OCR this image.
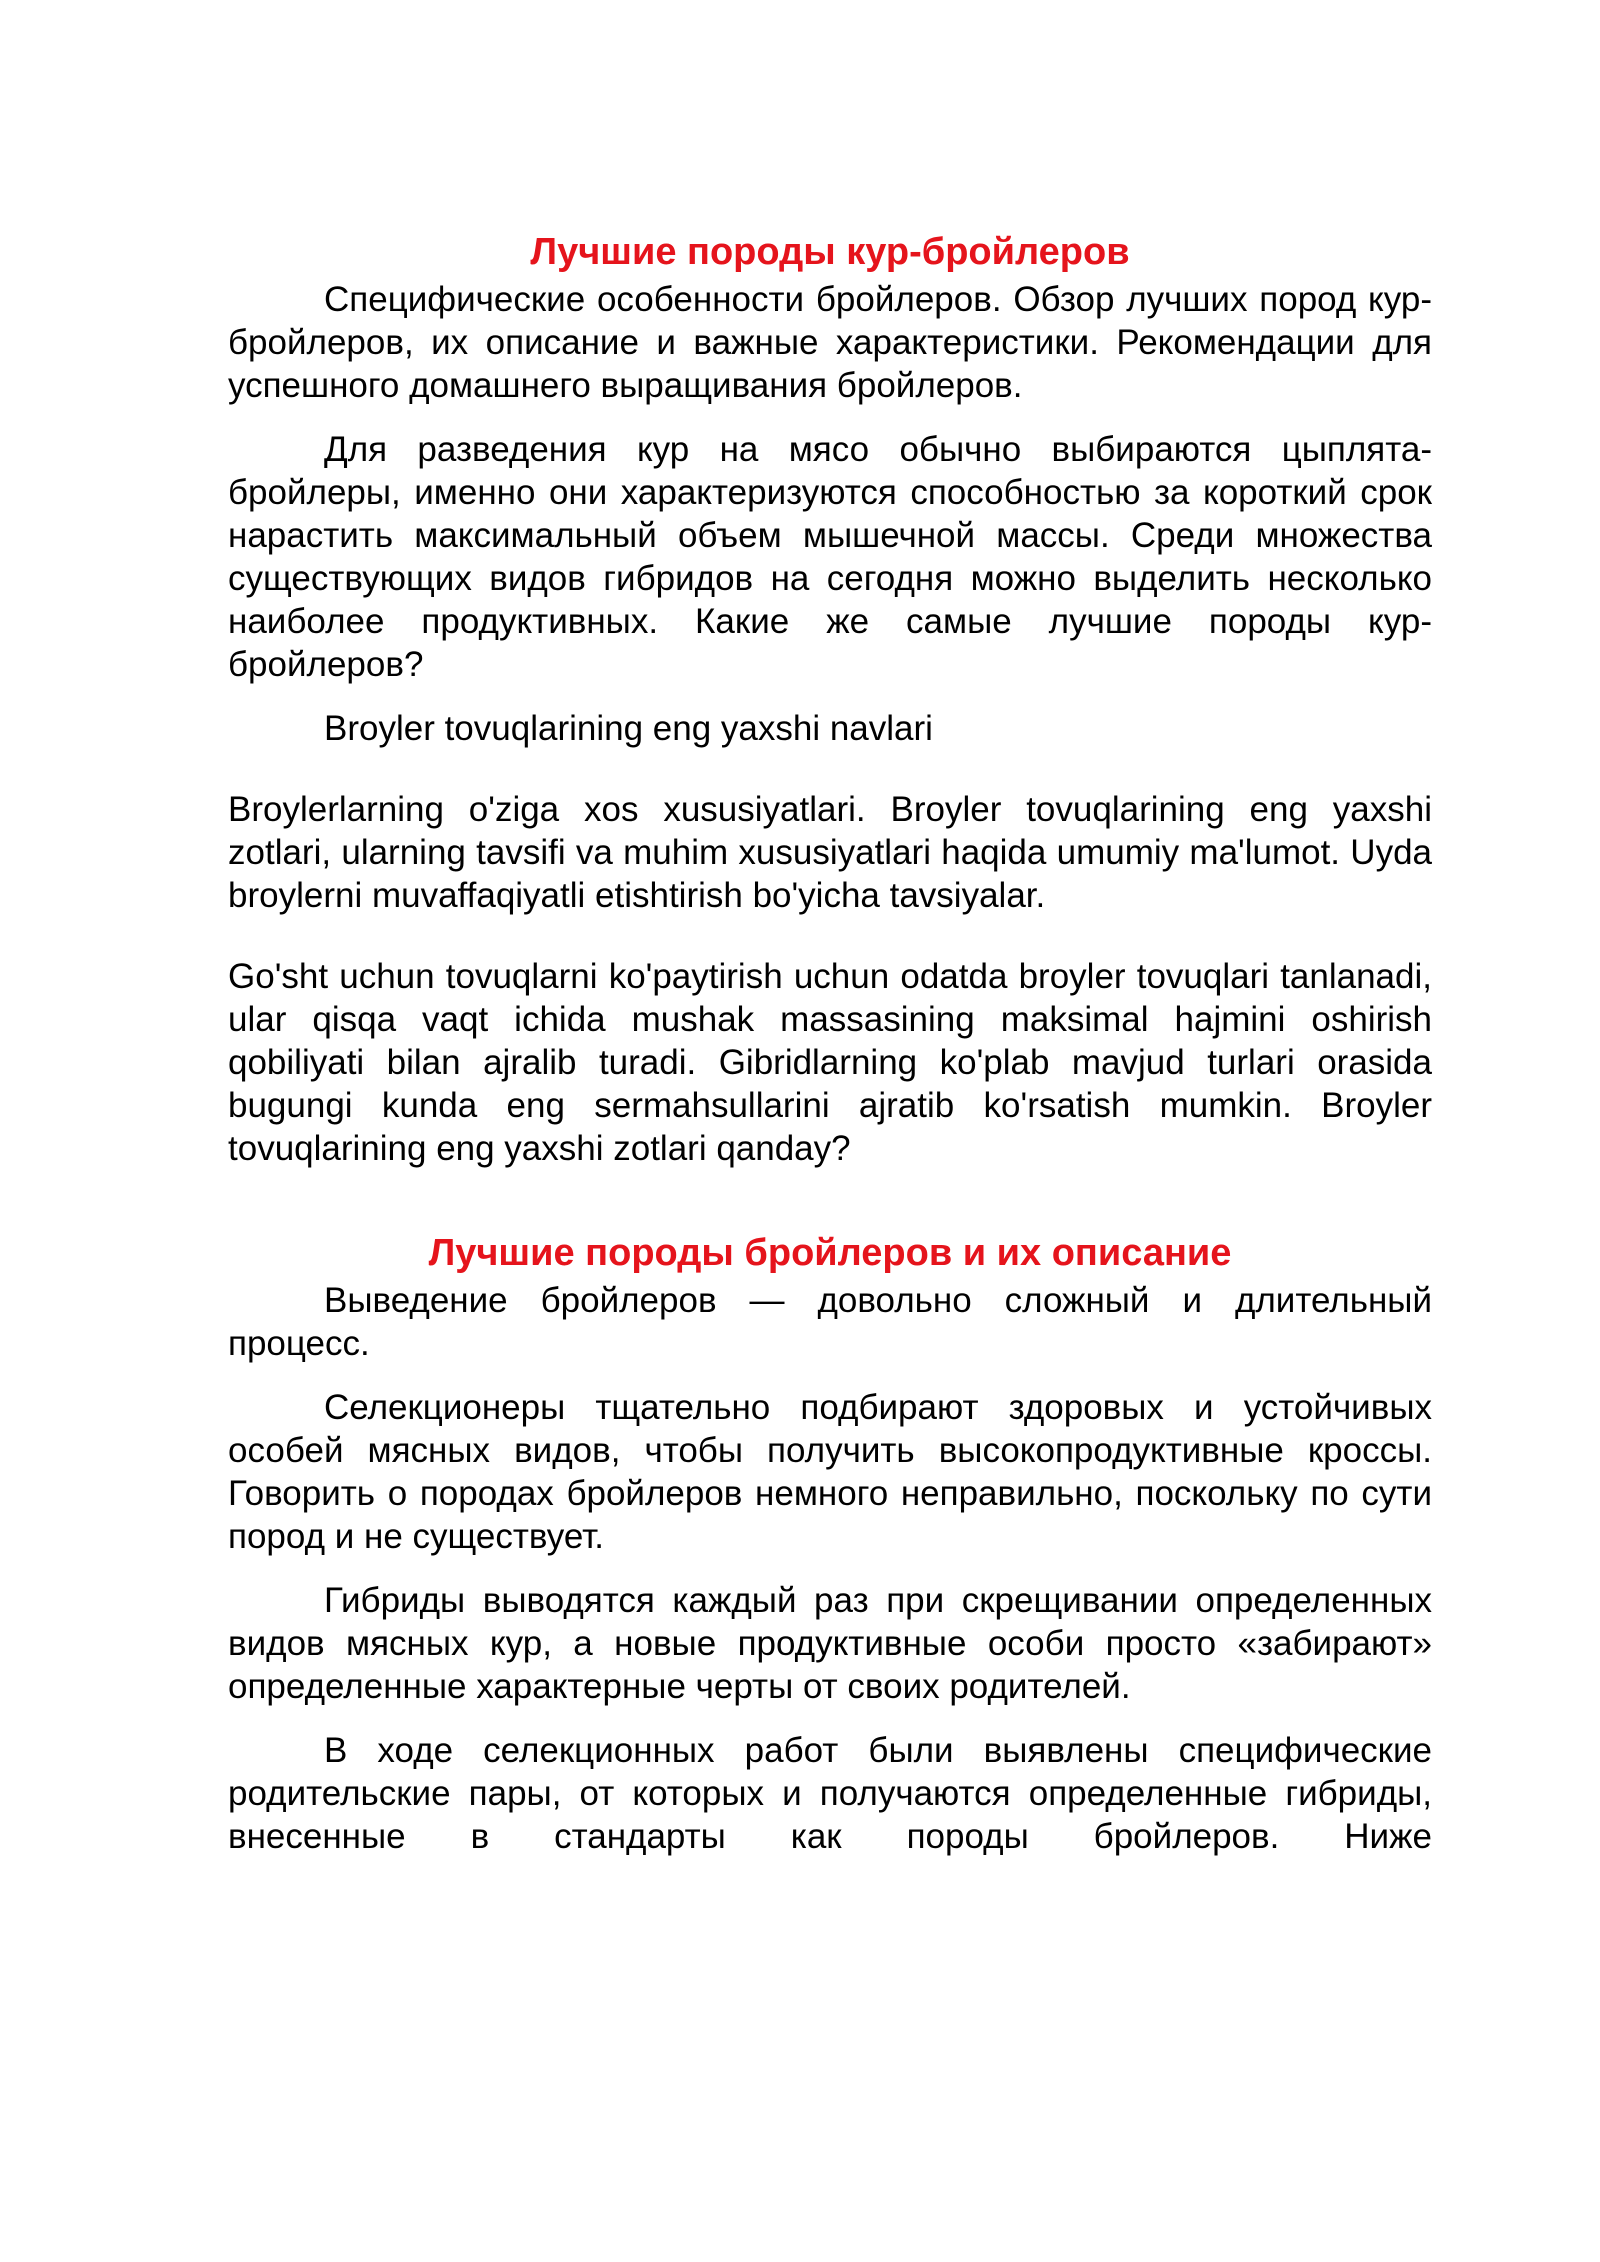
Лучшие породы кур-бройлеров

Специфические особенности бройлеров. Обзор лучших пород кур-бройлеров, их описание и важные характеристики. Рекомендации для успешного домашнего выращивания бройлеров.

Для разведения кур на мясо обычно выбираются цыплята-бройлеры, именно они характеризуются способностью за короткий срок нарастить максимальный объем мышечной массы. Среди множества существующих видов гибридов на сегодня можно выделить несколько наиболее продуктивных. Какие же самые лучшие породы кур-бройлеров?

Broyler tovuqlarining eng yaxshi navlari

Broylerlarning o'ziga xos xususiyatlari. Broyler tovuqlarining eng yaxshi zotlari, ularning tavsifi va muhim xususiyatlari haqida umumiy ma'lumot. Uyda broylerni muvaffaqiyatli etishtirish bo'yicha tavsiyalar.

Go'sht uchun tovuqlarni ko'paytirish uchun odatda broyler tovuqlari tanlanadi, ular qisqa vaqt ichida mushak massasining maksimal hajmini oshirish qobiliyati bilan ajralib turadi. Gibridlarning ko'plab mavjud turlari orasida bugungi kunda eng sermahsullarini ajratib ko'rsatish mumkin. Broyler tovuqlarining eng yaxshi zotlari qanday?

Лучшие породы бройлеров и их описание

Выведение бройлеров — довольно сложный и длительный процесс.

Селекционеры тщательно подбирают здоровых и устойчивых особей мясных видов, чтобы получить высокопродуктивные кроссы. Говорить о породах бройлеров немного неправильно, поскольку по сути пород и не существует.

Гибриды выводятся каждый раз при скрещивании определенных видов мясных кур, а новые продуктивные особи просто «забирают» определенные характерные черты от своих родителей.

В ходе селекционных работ были выявлены специфические родительские пары, от которых и получаются определенные гибриды, внесенные в стандарты как породы бройлеров. Ниже
